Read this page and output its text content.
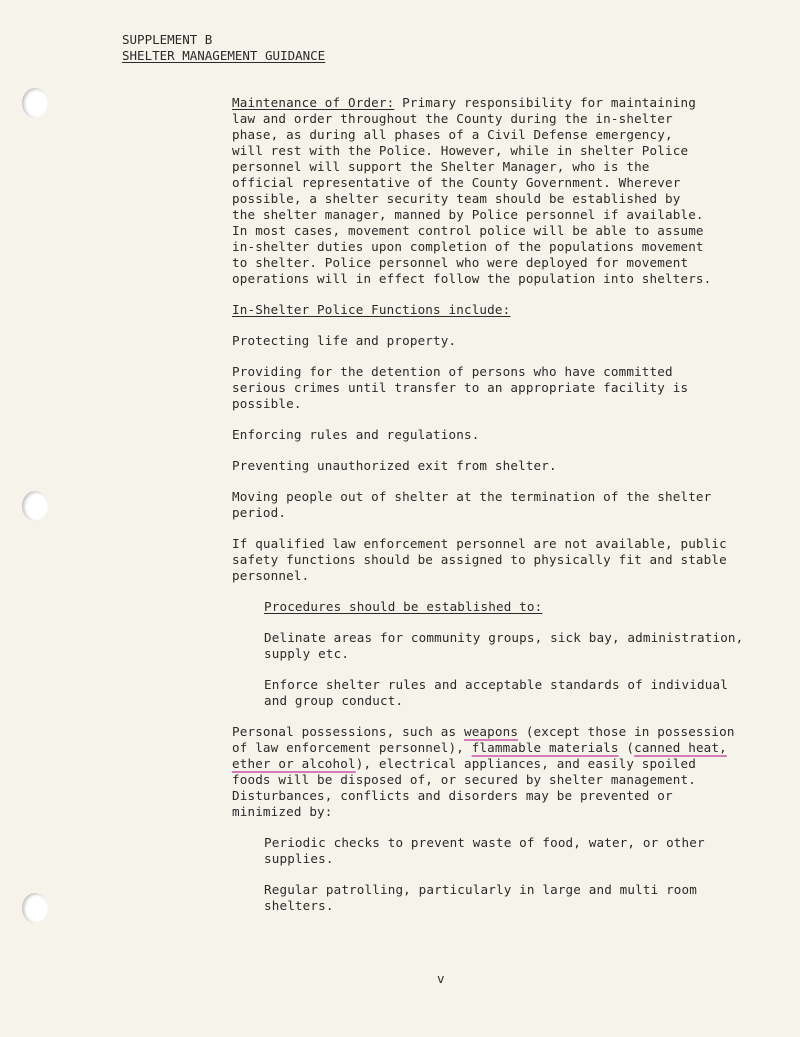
SUPPLEMENT B
SHELTER MANAGEMENT GUIDANCE

Maintenance of Order: Primary responsibility for maintaining
law and order throughout the County during the in-shelter
phase, as during all phases of a Civil Defense emergency,
will rest with the Police. However, while in shelter Police
personnel will support the Shelter Manager, who is the
official representative of the County Government. Wherever
possible, a shelter security team should be established by
the shelter manager, manned by Police personnel if available.
In most cases, movement control police will be able to assume
in-shelter duties upon completion of the populations movement
to shelter. Police personnel who were deployed for movement
operations will in effect follow the population into shelters.

In-Shelter Police Functions include:

Protecting life and property.

Providing for the detention of persons who have committed
serious crimes until transfer to an appropriate facility is
possible.

Enforcing rules and regulations.

Preventing unauthorized exit from shelter.

Moving people out of shelter at the termination of the shelter
period.

If qualified law enforcement personnel are not available, public
safety functions should be assigned to physically fit and stable
personnel.

Procedures should be established to:

Delinate areas for community groups, sick bay, administration,
supply etc.

Enforce shelter rules and acceptable standards of individual
and group conduct.

Personal possessions, such as weapons (except those in possession
of law enforcement personnel), flammable materials (canned heat,
ether or alcohol), electrical appliances, and easily spoiled
foods will be disposed of, or secured by shelter management.
Disturbances, conflicts and disorders may be prevented or
minimized by:

Periodic checks to prevent waste of food, water, or other
supplies.

Regular patrolling, particularly in large and multi room
shelters.

v
